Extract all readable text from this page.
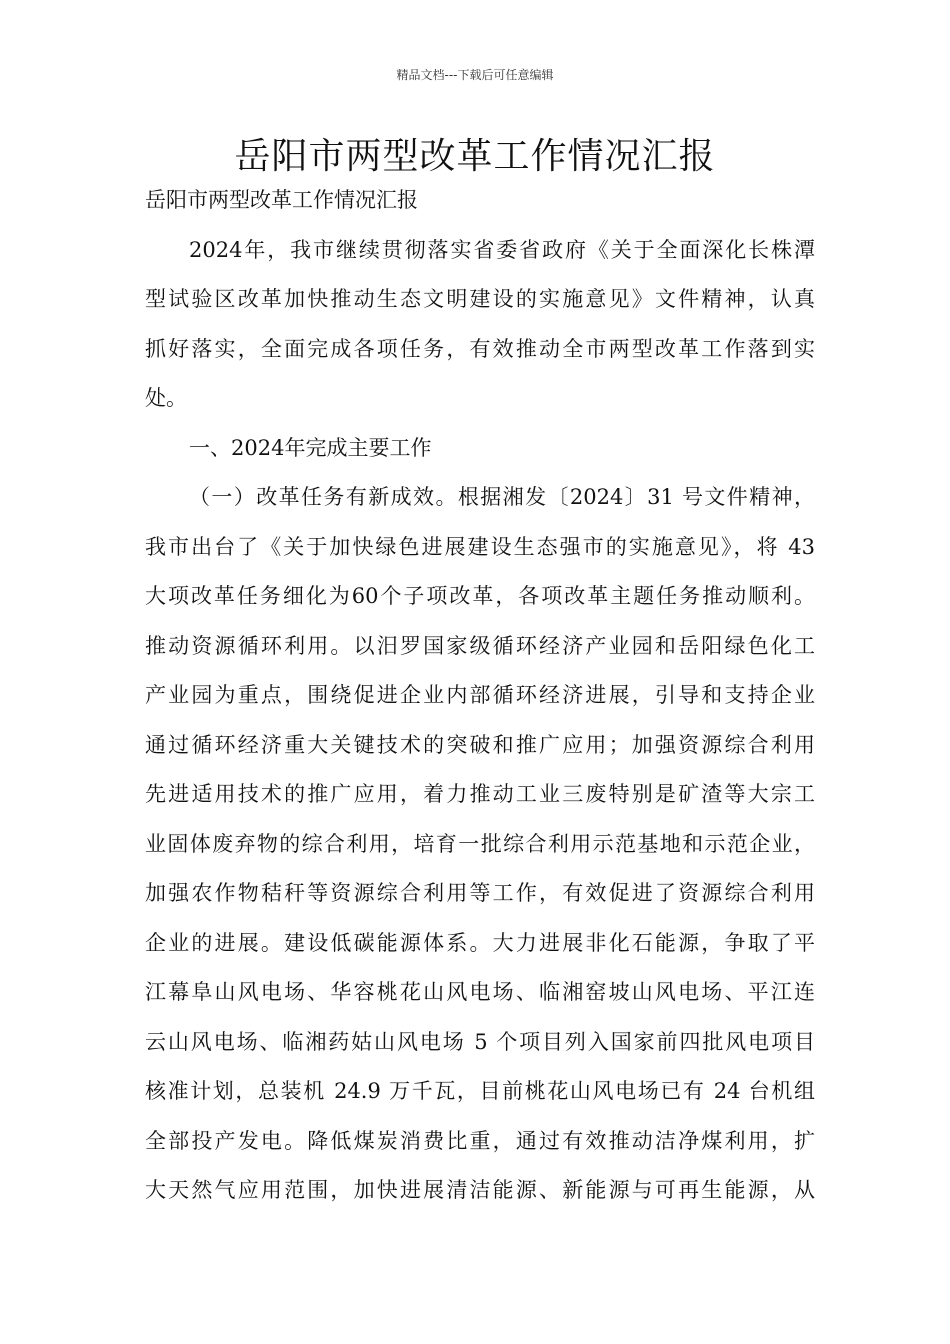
精品文档---下载后可任意编辑
岳阳市两型改革工作情况汇报
岳阳市两型改革工作情况汇报
2024年，我市继续贯彻落实省委省政府《关于全面深化长株潭
型试验区改革加快推动生态文明建设的实施意见》文件精神，认真
抓好落实，全面完成各项任务，有效推动全市两型改革工作落到实
处。
一、2024年完成主要工作
（一）改革任务有新成效。根据湘发〔2024〕31 号文件精神，
我市出台了《关于加快绿色进展建设生态强市的实施意见》，将 43
大项改革任务细化为60个子项改革，各项改革主题任务推动顺利。
推动资源循环利用。以汨罗国家级循环经济产业园和岳阳绿色化工
产业园为重点，围绕促进企业内部循环经济进展，引导和支持企业
通过循环经济重大关键技术的突破和推广应用；加强资源综合利用
先进适用技术的推广应用，着力推动工业三废特别是矿渣等大宗工
业固体废弃物的综合利用，培育一批综合利用示范基地和示范企业，
加强农作物秸秆等资源综合利用等工作，有效促进了资源综合利用
企业的进展。建设低碳能源体系。大力进展非化石能源，争取了平
江幕阜山风电场、华容桃花山风电场、临湘窑坡山风电场、平江连
云山风电场、临湘药姑山风电场 5 个项目列入国家前四批风电项目
核准计划，总装机 24.9 万千瓦，目前桃花山风电场已有 24 台机组
全部投产发电。降低煤炭消费比重，通过有效推动洁净煤利用，扩
大天然气应用范围，加快进展清洁能源、新能源与可再生能源，从
